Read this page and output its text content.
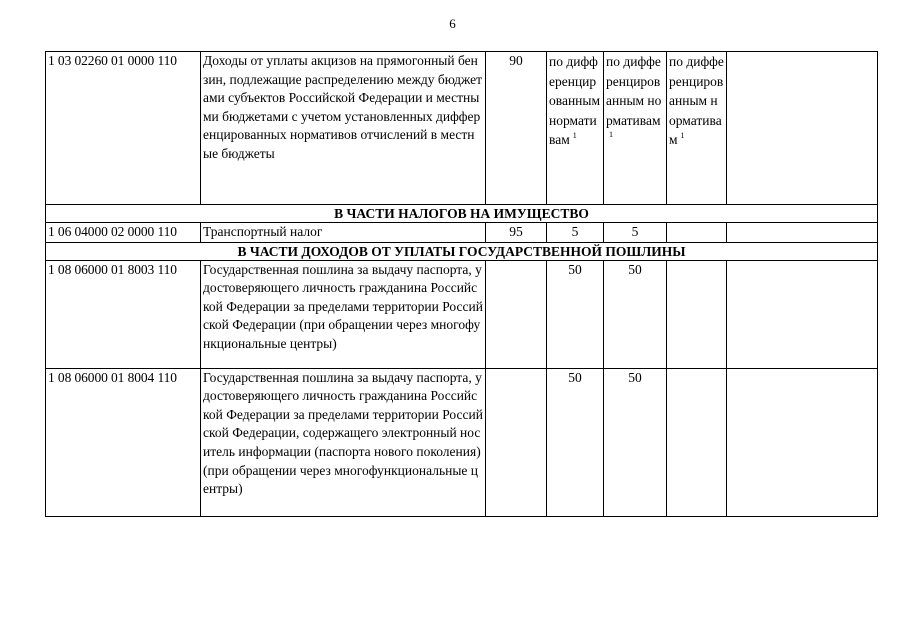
6
1 03 02260 01 0000 110	Доходы от уплаты акцизов на прямогонный бензин, подлежащие распределению между бюджетами субъектов Российской Федерации и местными бюджетами с учетом установленных дифференцированных нормативов отчислений в местные бюджеты	90	по дифференцированным нормативам $^1$	по дифференцированным нормативам$^1$	по дифференцированным нормативам $^1$	
В ЧАСТИ НАЛОГОВ НА ИМУЩЕСТВО						
1 06 04000 02 0000 110	Транспортный налог	95	5	5		
В ЧАСТИ ДОХОДОВ ОТ УПЛАТЫ ГОСУДАРСТВЕННОЙ ПОШЛИНЫ						
1 08 06000 01 8003 110	Государственная пошлина за выдачу паспорта, удостоверяющего личность гражданина Российской Федерации за пределами территории Российской Федерации (при обращении через многофункциональные центры)		50	50		
1 08 06000 01 8004 110	Государственная пошлина за выдачу паспорта, удостоверяющего личность гражданина Российской Федерации за пределами территории Российской Федерации, содержащего электронный носитель информации (паспорта нового поколения) (при обращении через многофункциональные центры)		50	50		
